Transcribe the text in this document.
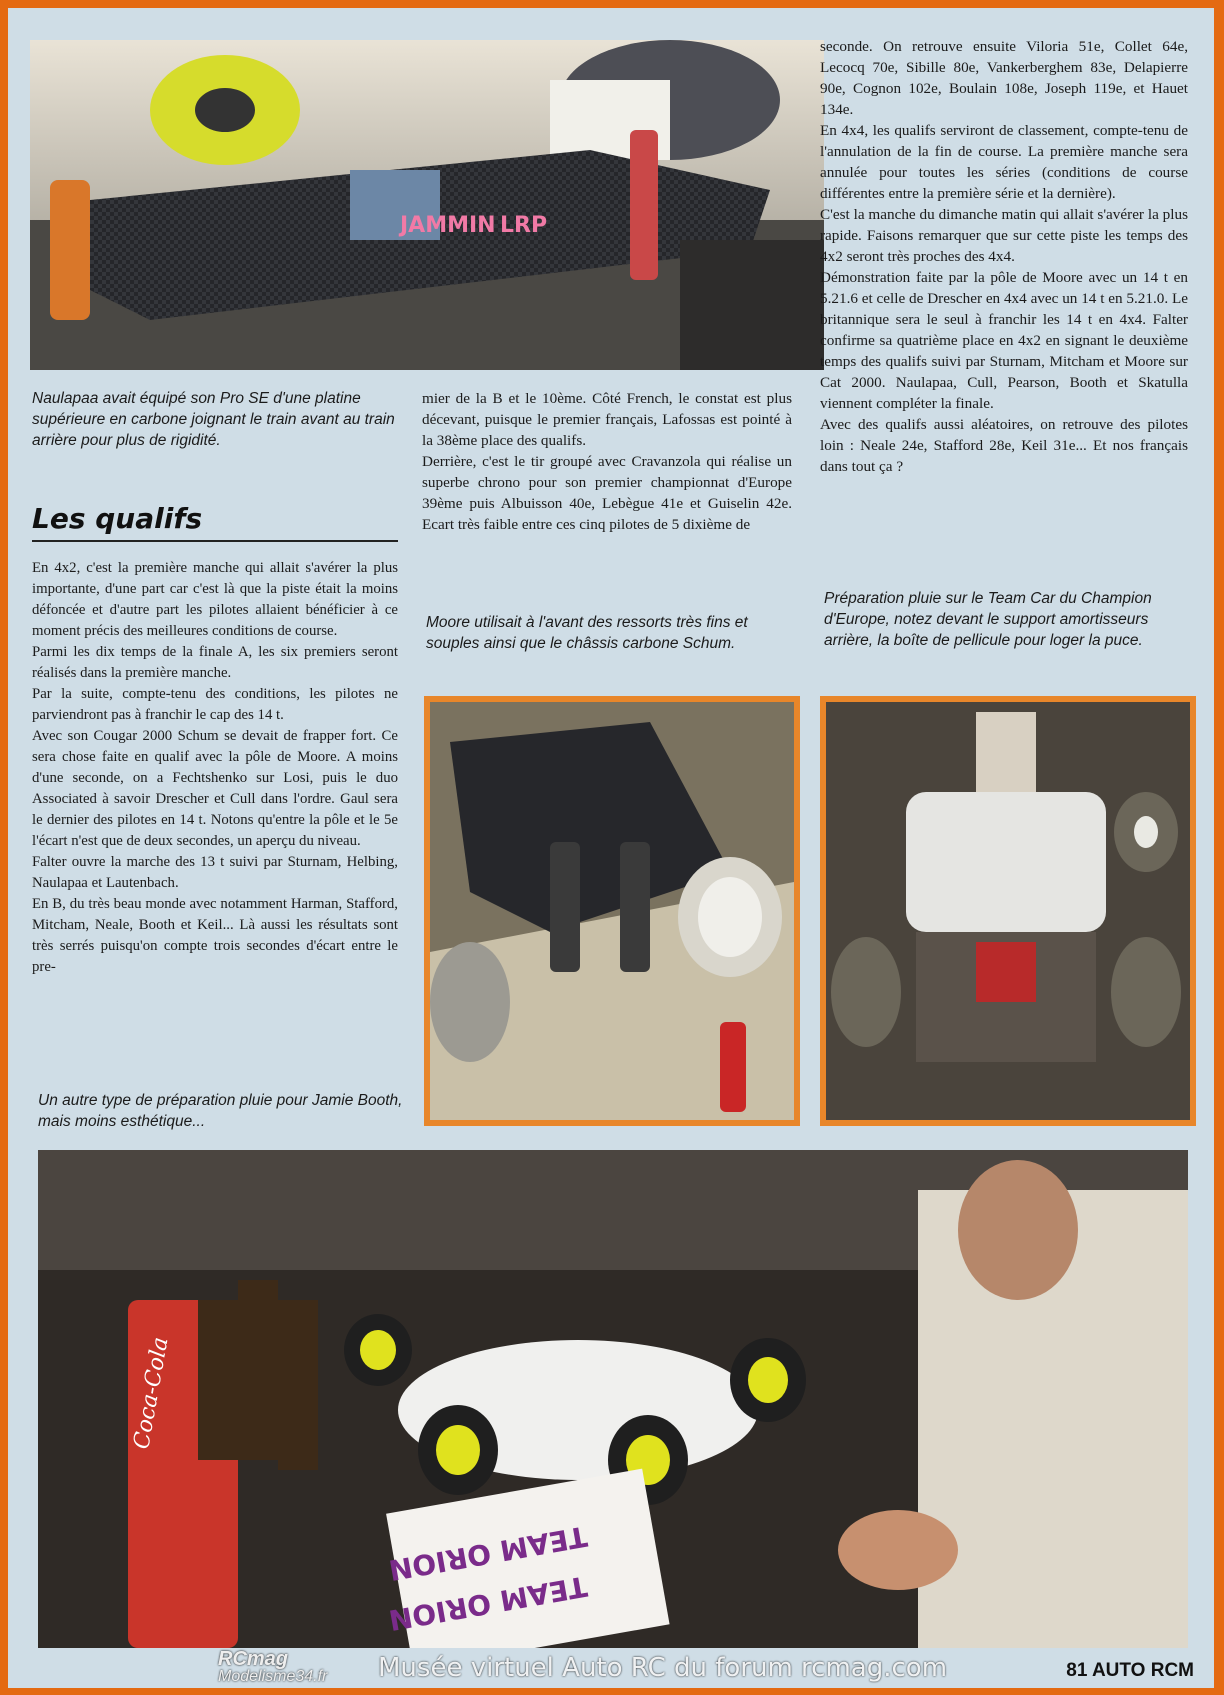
JAMMIN LRP

seconde. On retrouve ensuite Viloria 51e, Collet 64e, Lecocq 70e, Sibille 80e, Vankerberghem 83e, Delapierre 90e, Cognon 102e, Boulain 108e, Joseph 119e, et Hauet 134e.

En 4x4, les qualifs serviront de classement, compte-tenu de l'annulation de la fin de course. La première manche sera annulée pour toutes les séries (conditions de course différentes entre la première série et la dernière).

C'est la manche du dimanche matin qui allait s'avérer la plus rapide. Faisons remarquer que sur cette piste les temps des 4x2 seront très proches des 4x4.

Démonstration faite par la pôle de Moore avec un 14 t en 5.21.6 et celle de Drescher en 4x4 avec un 14 t en 5.21.0. Le britannique sera le seul à franchir les 14 t en 4x4. Falter confirme sa quatrième place en 4x2 en signant le deuxième temps des qualifs suivi par Sturnam, Mitcham et Moore sur Cat 2000. Naulapaa, Cull, Pearson, Booth et Skatulla viennent compléter la finale.

Avec des qualifs aussi aléatoires, on retrouve des pilotes loin : Neale 24e, Stafford 28e, Keil 31e... Et nos français dans tout ça ?

Naulapaa avait équipé son Pro SE d'une platine supérieure en carbone joignant le train avant au train arrière pour plus de rigidité.
Les qualifs

En 4x2, c'est la première manche qui allait s'avérer la plus importante, d'une part car c'est là que la piste était la moins défoncée et d'autre part les pilotes allaient bénéficier à ce moment précis des meilleures conditions de course.

Parmi les dix temps de la finale A, les six premiers seront réalisés dans la première manche.

Par la suite, compte-tenu des conditions, les pilotes ne parviendront pas à franchir le cap des 14 t.

Avec son Cougar 2000 Schum se devait de frapper fort. Ce sera chose faite en qualif avec la pôle de Moore. A moins d'une seconde, on a Fechtshenko sur Losi, puis le duo Associated à savoir Drescher et Cull dans l'ordre. Gaul sera le dernier des pilotes en 14 t. Notons qu'entre la pôle et le 5e l'écart n'est que de deux secondes, un aperçu du niveau.

Falter ouvre la marche des 13 t suivi par Sturnam, Helbing, Naulapaa et Lautenbach.

En B, du très beau monde avec notamment Harman, Stafford, Mitcham, Neale, Booth et Keil... Là aussi les résultats sont très serrés puisqu'on compte trois secondes d'écart entre le pre-

mier de la B et le 10ème. Côté French, le constat est plus décevant, puisque le premier français, Lafossas est pointé à la 38ème place des qualifs.

Derrière, c'est le tir groupé avec Cravanzola qui réalise un superbe chrono pour son premier championnat d'Europe 39ème puis Albuisson 40e, Lebègue 41e et Guiselin 42e. Ecart très faible entre ces cinq pilotes de 5 dixième de

Moore utilisait à l'avant des ressorts très fins et souples ainsi que le châssis carbone Schum.
Préparation pluie sur le Team Car du Champion d'Europe, notez devant le support amortisseurs arrière, la boîte de pellicule pour loger la puce.
Un autre type de préparation pluie pour Jamie Booth, mais moins esthétique...
Coca-Cola
TEAM ORION
TEAM ORION
RCmag
Modelisme34.fr Musée virtuel Auto RC du forum rcmag.com	81 AUTO RCM
